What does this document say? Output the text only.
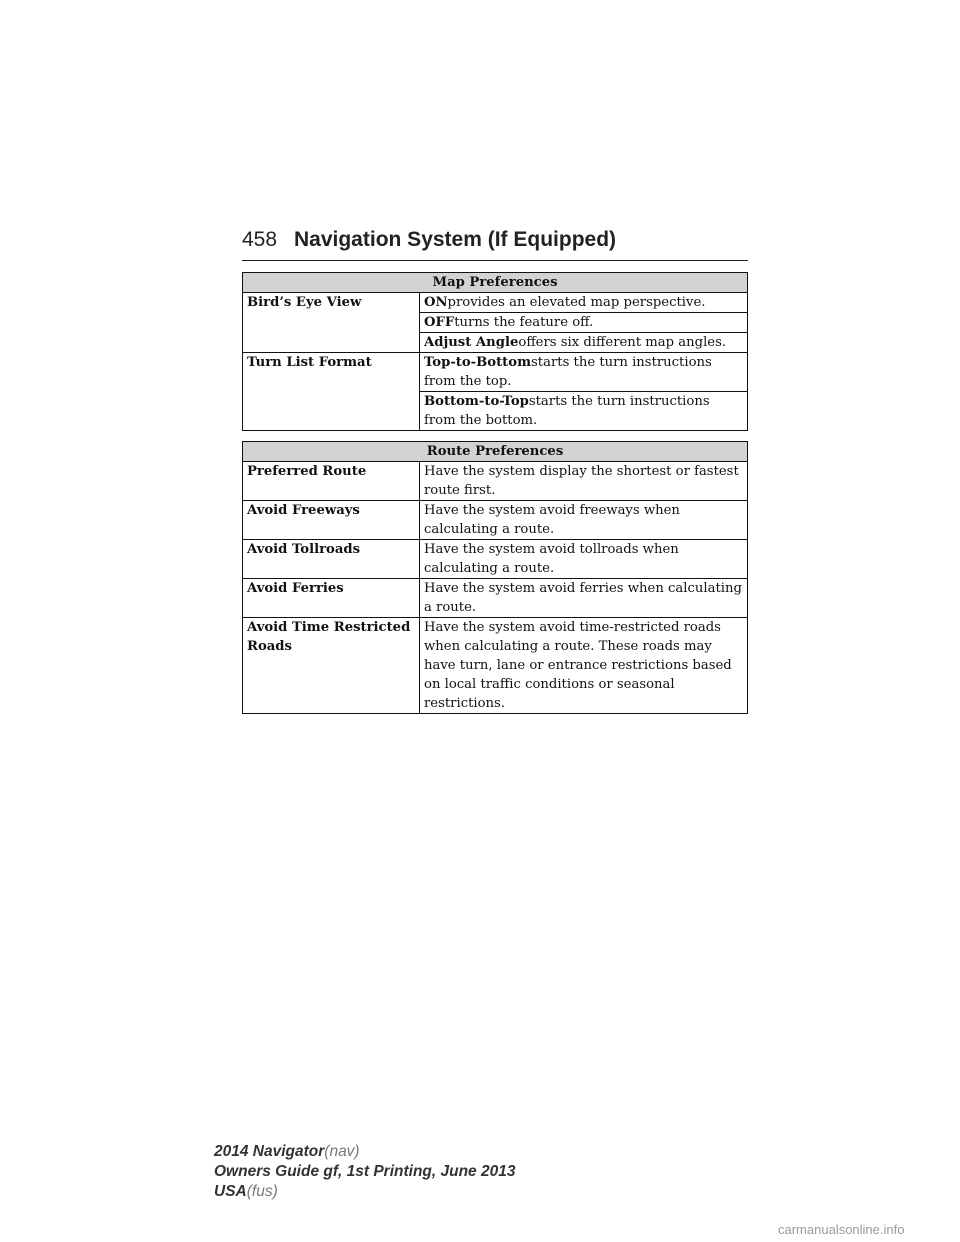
458 Navigation System (If Equipped)
Map Preferences	
Bird’s Eye View	ONprovides an elevated map perspective.
	OFFturns the feature off.
	Adjust Angleoffers six different map angles.
Turn List Format	Top-to-Bottomstarts the turn instructions from the top.
	Bottom-to-Topstarts the turn instructions from the bottom.
Route Preferences	
Preferred Route	Have the system display the shortest or fastest route first.
Avoid Freeways	Have the system avoid freeways when calculating a route.
Avoid Tollroads	Have the system avoid tollroads when calculating a route.
Avoid Ferries	Have the system avoid ferries when calculating a route.
Avoid Time Restricted Roads	Have the system avoid time-restricted roads when calculating a route. These roads may have turn, lane or entrance restrictions based on local traffic conditions or seasonal restrictions.
2014 Navigator(nav)
Owners Guide gf, 1st Printing, June 2013
USA(fus)
carmanualsonline.info
